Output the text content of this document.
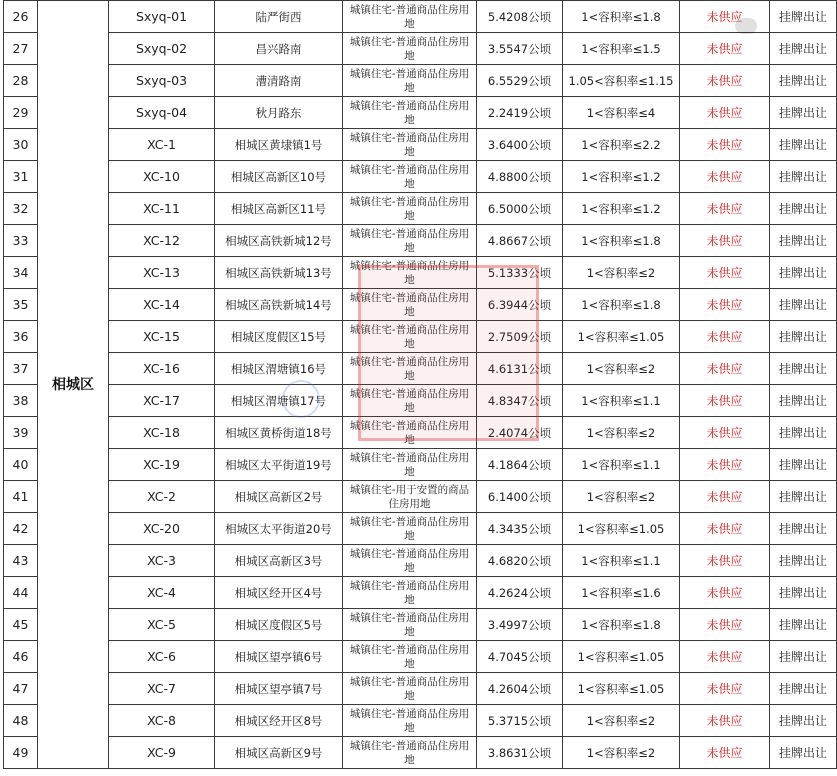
26	相城区	Sxyq-01	陆严街西	城镇住宅-普通商品住房用地	5.4208公顷	1<容积率≤1.8	未供应	挂牌出让
27		Sxyq-02	昌兴路南	城镇住宅-普通商品住房用地	3.5547公顷	1<容积率≤1.5	未供应	挂牌出让
28		Sxyq-03	漕清路南	城镇住宅-普通商品住房用地	6.5529公顷	1.05<容积率≤1.15	未供应	挂牌出让
29		Sxyq-04	秋月路东	城镇住宅-普通商品住房用地	2.2419公顷	1<容积率≤4	未供应	挂牌出让
30		XC-1	相城区黄埭镇1号	城镇住宅-普通商品住房用地	3.6400公顷	1<容积率≤2.2	未供应	挂牌出让
31		XC-10	相城区高新区10号	城镇住宅-普通商品住房用地	4.8800公顷	1<容积率≤1.2	未供应	挂牌出让
32		XC-11	相城区高新区11号	城镇住宅-普通商品住房用地	6.5000公顷	1<容积率≤1.2	未供应	挂牌出让
33		XC-12	相城区高铁新城12号	城镇住宅-普通商品住房用地	4.8667公顷	1<容积率≤1.8	未供应	挂牌出让
34		XC-13	相城区高铁新城13号	城镇住宅-普通商品住房用地	5.1333公顷	1<容积率≤2	未供应	挂牌出让
35		XC-14	相城区高铁新城14号	城镇住宅-普通商品住房用地	6.3944公顷	1<容积率≤1.8	未供应	挂牌出让
36		XC-15	相城区度假区15号	城镇住宅-普通商品住房用地	2.7509公顷	1<容积率≤1.05	未供应	挂牌出让
37		XC-16	相城区渭塘镇16号	城镇住宅-普通商品住房用地	4.6131公顷	1<容积率≤2	未供应	挂牌出让
38		XC-17	相城区渭塘镇17号	城镇住宅-普通商品住房用地	4.8347公顷	1<容积率≤1.1	未供应	挂牌出让
39		XC-18	相城区黄桥街道18号	城镇住宅-普通商品住房用地	2.4074公顷	1<容积率≤2	未供应	挂牌出让
40		XC-19	相城区太平街道19号	城镇住宅-普通商品住房用地	4.1864公顷	1<容积率≤1.1	未供应	挂牌出让
41		XC-2	相城区高新区2号	城镇住宅-用于安置的商品住房用地	6.1400公顷	1<容积率≤2	未供应	挂牌出让
42		XC-20	相城区太平街道20号	城镇住宅-普通商品住房用地	4.3435公顷	1<容积率≤1.05	未供应	挂牌出让
43		XC-3	相城区高新区3号	城镇住宅-普通商品住房用地	4.6820公顷	1<容积率≤1.1	未供应	挂牌出让
44		XC-4	相城区经开区4号	城镇住宅-普通商品住房用地	4.2624公顷	1<容积率≤1.6	未供应	挂牌出让
45		XC-5	相城区度假区5号	城镇住宅-普通商品住房用地	3.4997公顷	1<容积率≤1.8	未供应	挂牌出让
46		XC-6	相城区望亭镇6号	城镇住宅-普通商品住房用地	4.7045公顷	1<容积率≤1.05	未供应	挂牌出让
47		XC-7	相城区望亭镇7号	城镇住宅-普通商品住房用地	4.2604公顷	1<容积率≤1.05	未供应	挂牌出让
48		XC-8	相城区经开区8号	城镇住宅-普通商品住房用地	5.3715公顷	1<容积率≤2	未供应	挂牌出让
49		XC-9	相城区高新区9号	城镇住宅-普通商品住房用地	3.8631公顷	1<容积率≤2	未供应	挂牌出让
